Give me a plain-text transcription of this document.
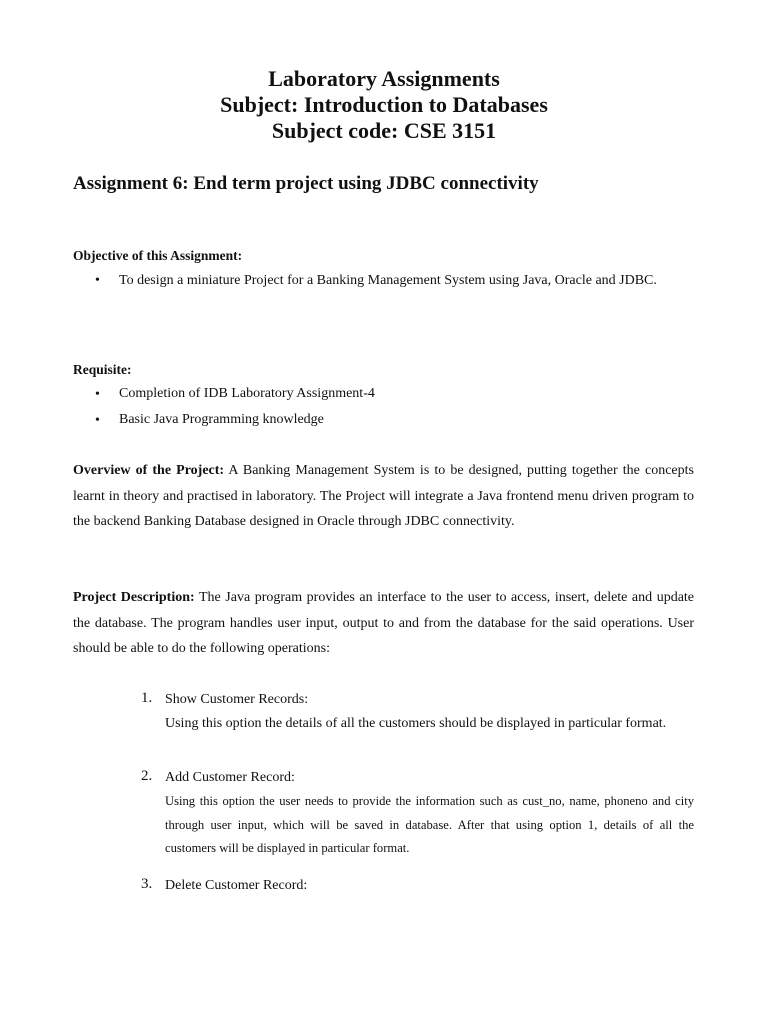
Laboratory Assignments
Subject: Introduction to Databases
Subject code: CSE 3151
Assignment 6: End term project using JDBC connectivity
Objective of this Assignment:
• To design a miniature Project for a Banking Management System using Java, Oracle and JDBC.
Requisite:
• Completion of IDB Laboratory Assignment-4
• Basic Java Programming knowledge
Overview of the Project: A Banking Management System is to be designed, putting together the concepts learnt in theory and practised in laboratory. The Project will integrate a Java frontend menu driven program to the backend Banking Database designed in Oracle through JDBC connectivity.
Project Description: The Java program provides an interface to the user to access, insert, delete and update the database. The program handles user input, output to and from the database for the said operations. User should be able to do the following operations:
1. Show Customer Records:
Using this option the details of all the customers should be displayed in particular format.
2. Add Customer Record:
Using this option the user needs to provide the information such as cust_no, name, phoneno and city through user input, which will be saved in database. After that using option 1, details of all the customers will be displayed in particular format.
3. Delete Customer Record:
